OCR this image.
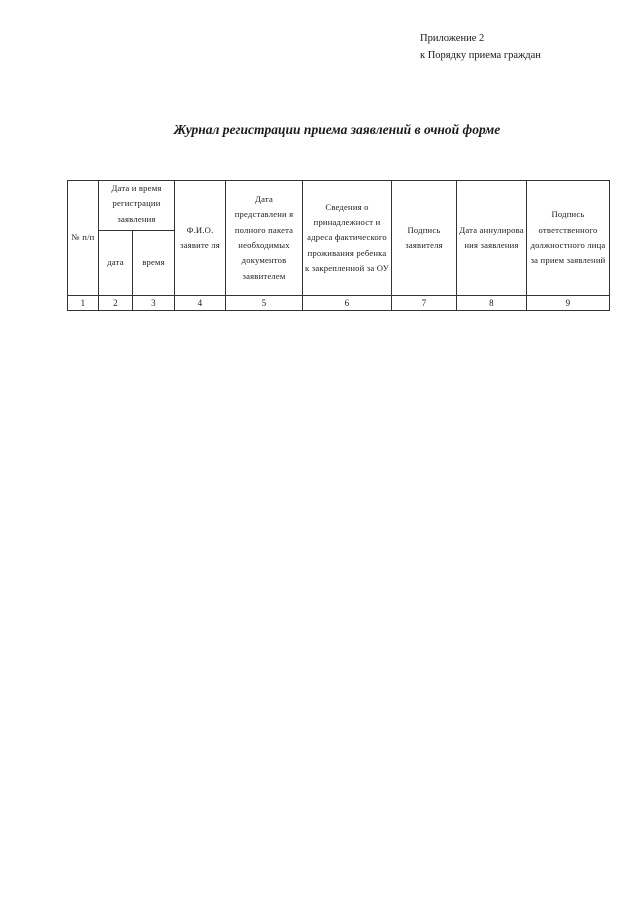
Приложение 2
к Порядку приема граждан
Журнал регистрации приема заявлений в очной форме
№ п/п	Дата и время регистрации заявления		Ф.И.О. заявите ля	Дата представлени я полного пакета необходимых документов заявителем	Сведения о принадлежност и адреса фактического проживания ребенка к закрепленной за ОУ	Подпись заявителя	Дата аннулирова ния заявления	Подпись ответственного должностного лица за прием заявлений
	дата	время						
1	2	3	4	5	6	7	8	9
